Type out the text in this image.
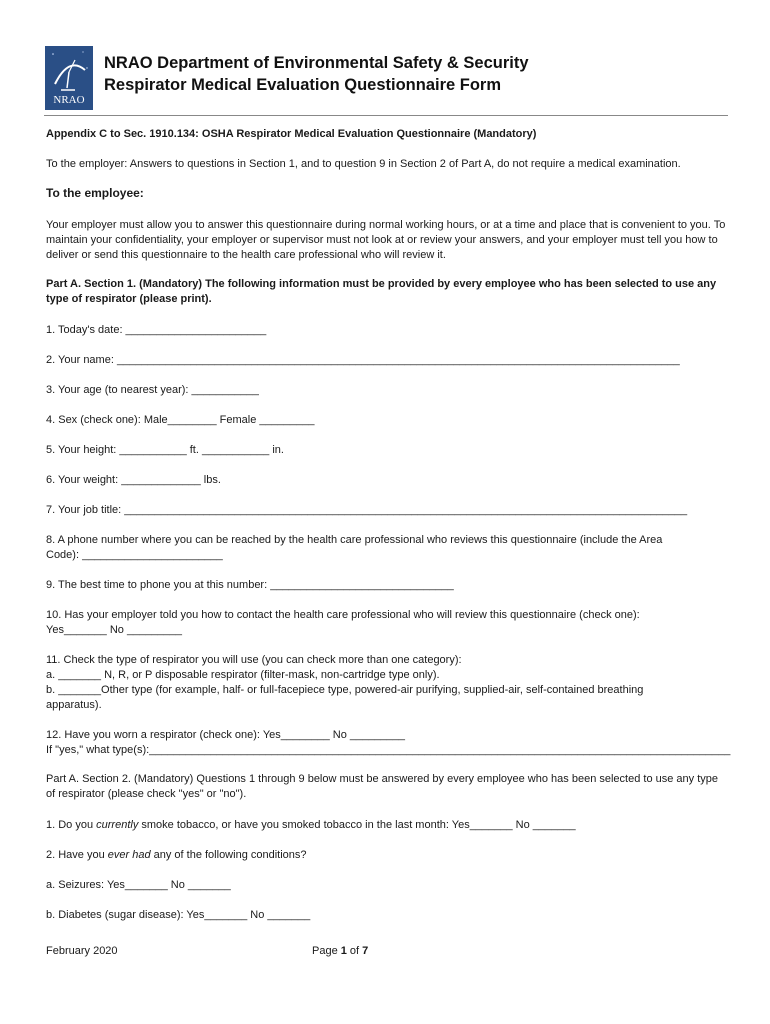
NRAO
NRAO Department of Environmental Safety & Security
Respirator Medical Evaluation Questionnaire Form
Appendix C to Sec. 1910.134: OSHA Respirator Medical Evaluation Questionnaire (Mandatory)
To the employer: Answers to questions in Section 1, and to question 9 in Section 2 of Part A, do not require a medical examination.
To the employee:
Your employer must allow you to answer this questionnaire during normal working hours, or at a time and place that is convenient to you. To maintain your confidentiality, your employer or supervisor must not look at or review your answers, and your employer must tell you how to deliver or send this questionnaire to the health care professional who will review it.
Part A. Section 1. (Mandatory) The following information must be provided by every employee who has been selected to use any type of respirator (please print).
1. Today's date: _______________________
2. Your name: ____________________________________________________________________________________________
3. Your age (to nearest year): ___________
4. Sex (check one): Male________ Female _________
5. Your height: ___________ ft. ___________ in.
6. Your weight: _____________ lbs.
7. Your job title: ____________________________________________________________________________________________
8. A phone number where you can be reached by the health care professional who reviews this questionnaire (include the Area
Code): _______________________
9. The best time to phone you at this number: ______________________________
10. Has your employer told you how to contact the health care professional who will review this questionnaire (check one):
Yes_______ No _________
11. Check the type of respirator you will use (you can check more than one category):
a. _______ N, R, or P disposable respirator (filter-mask, non-cartridge type only).
b. _______Other type (for example, half- or full-facepiece type, powered-air purifying, supplied-air, self-contained breathing
apparatus).
12. Have you worn a respirator (check one): Yes________ No _________
If "yes," what type(s):_______________________________________________________________________________________________
Part A. Section 2. (Mandatory) Questions 1 through 9 below must be answered by every employee who has been selected to use any type of respirator (please check "yes" or "no").
1. Do you currently smoke tobacco, or have you smoked tobacco in the last month: Yes_______ No _______
2. Have you ever had any of the following conditions?
a. Seizures: Yes_______ No _______
b. Diabetes (sugar disease): Yes_______ No _______
February 2020	Page 1 of 7
